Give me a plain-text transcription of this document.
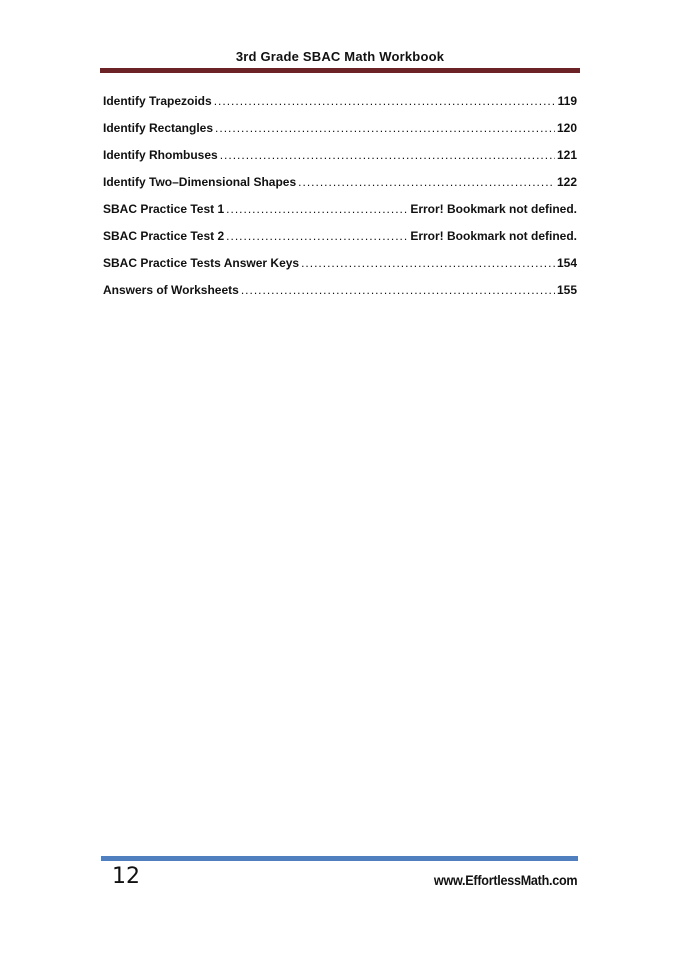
3rd Grade SBAC Math Workbook
Identify Trapezoids .....	119
Identify Rectangles .....	120
Identify Rhombuses .....	121
Identify Two–Dimensional Shapes .....	122
SBAC Practice Test 1 .....	Error! Bookmark not defined.
SBAC Practice Test 2 .....	Error! Bookmark not defined.
SBAC Practice Tests Answer Keys .....	154
Answers of Worksheets .....	155
12	www.EffortlessMath.com
